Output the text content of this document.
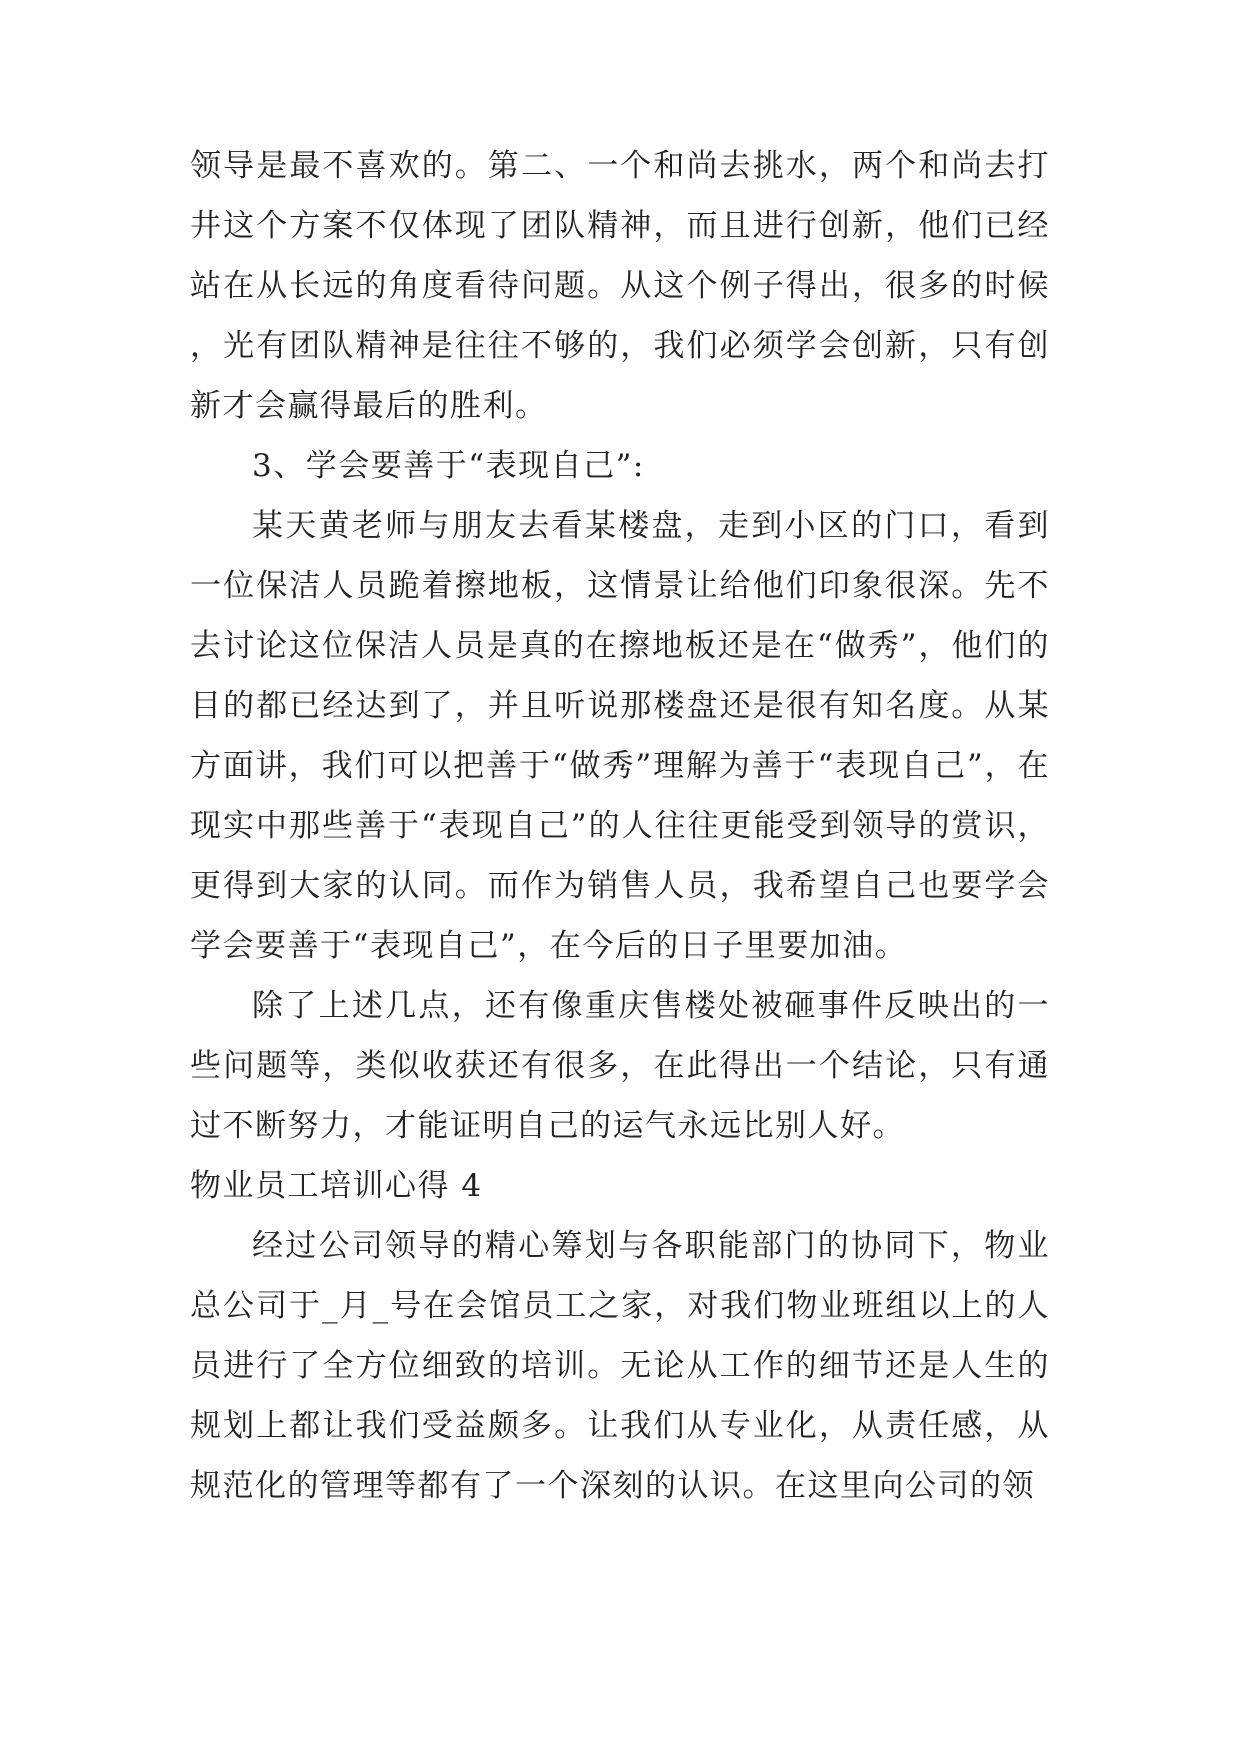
领导是最不喜欢的。第二、一个和尚去挑水，两个和尚去打井这个方案不仅体现了团队精神，而且进行创新，他们已经站在从长远的角度看待问题。从这个例子得出，很多的时候，光有团队精神是往往不够的，我们必须学会创新，只有创新才会赢得最后的胜利。

3、学会要善于“表现自己”:

某天黄老师与朋友去看某楼盘，走到小区的门口，看到一位保洁人员跪着擦地板，这情景让给他们印象很深。先不去讨论这位保洁人员是真的在擦地板还是在“做秀”，他们的目的都已经达到了，并且听说那楼盘还是很有知名度。从某方面讲，我们可以把善于“做秀”理解为善于“表现自己”，在现实中那些善于“表现自己”的人往往更能受到领导的赏识，更得到大家的认同。而作为销售人员，我希望自己也要学会学会要善于“表现自己”，在今后的日子里要加油。

除了上述几点，还有像重庆售楼处被砸事件反映出的一些问题等，类似收获还有很多，在此得出一个结论，只有通过不断努力，才能证明自己的运气永远比别人好。

物业员工培训心得 4

经过公司领导的精心筹划与各职能部门的协同下，物业总公司于_月_号在会馆员工之家，对我们物业班组以上的人员进行了全方位细致的培训。无论从工作的细节还是人生的规划上都让我们受益颇多。让我们从专业化，从责任感，从规范化的管理等都有了一个深刻的认识。在这里向公司的领
